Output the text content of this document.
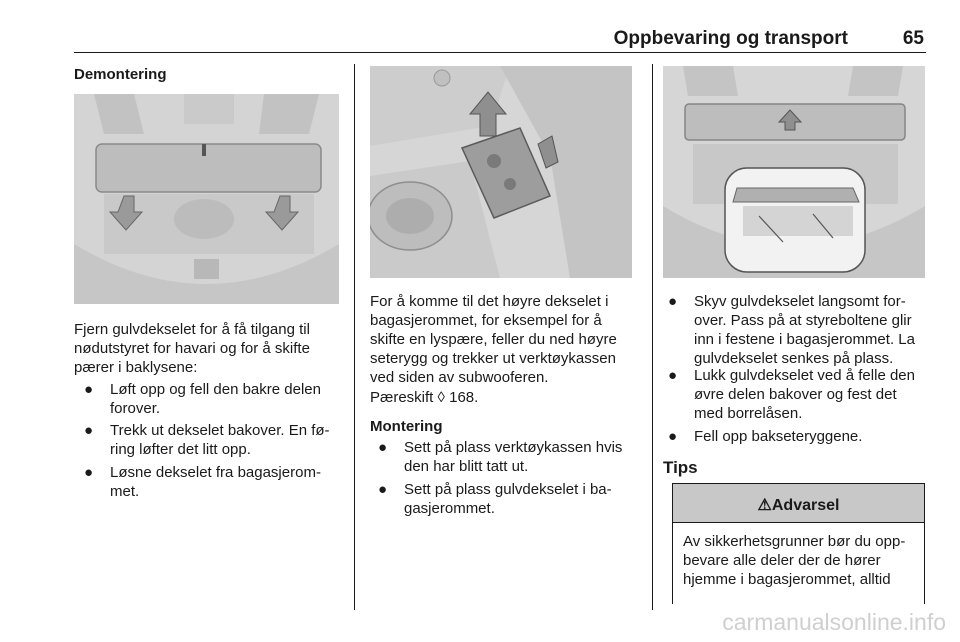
Oppbevaring og transport	65
Demontering
Fjern gulvdekselet for å få tilgang til
nødutstyret for havari og for å skifte
pærer i baklysene:
● Løft opp og fell den bakre delen
forover.
● Trekk ut dekselet bakover. En fø-
ring løfter det litt opp.
● Løsne dekselet fra bagasjerom-
met.
For å komme til det høyre dekselet i
bagasjerommet, for eksempel for å
skifte en lyspære, feller du ned høyre
seterygg og trekker ut verktøykassen
ved siden av subwooferen.
Pæreskift ◊ 168.
Montering
● Sett på plass verktøykassen hvis
den har blitt tatt ut.
● Sett på plass gulvdekselet i ba-
gasjerommet.
● Skyv gulvdekselet langsomt for-
over. Pass på at styreboltene glir
inn i festene i bagasjerommet. La
gulvdekselet senkes på plass.
● Lukk gulvdekselet ved å felle den
øvre delen bakover og fest det
med borrelåsen.
● Fell opp bakseteryggene.
Tips
⚠Advarsel
Av sikkerhetsgrunner bør du opp-
bevare alle deler der de hører
hjemme i bagasjerommet, alltid
carmanualsonline.info
